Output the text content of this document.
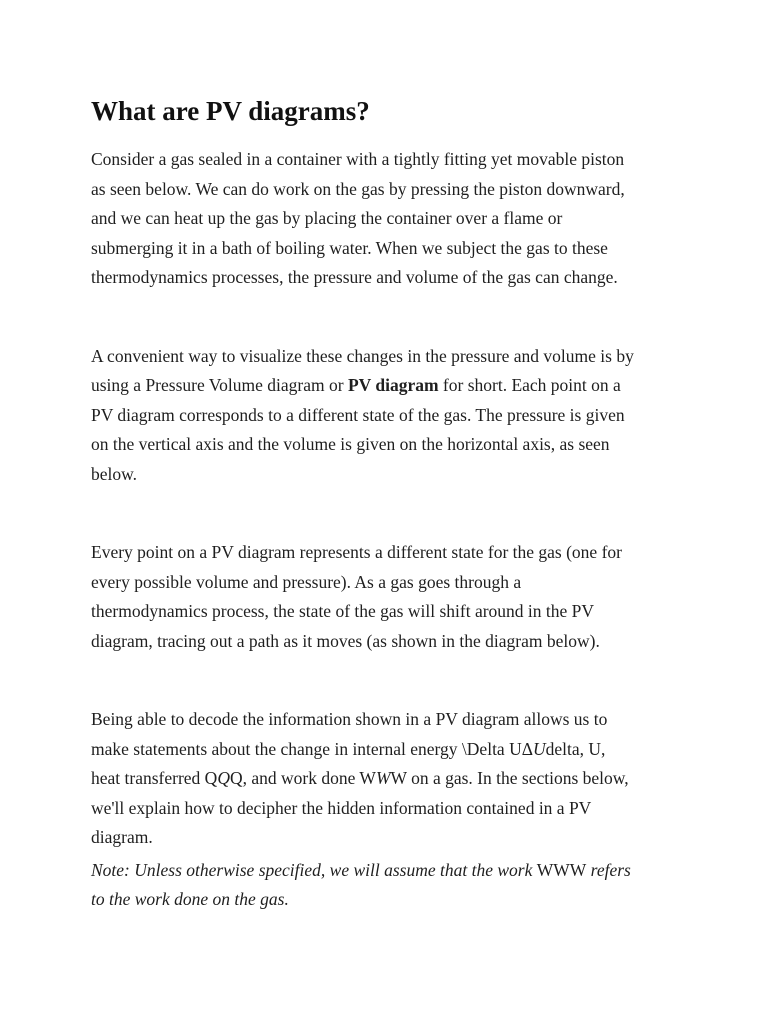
What are PV diagrams?

Consider a gas sealed in a container with a tightly fitting yet movable piston
as seen below. We can do work on the gas by pressing the piston downward,
and we can heat up the gas by placing the container over a flame or
submerging it in a bath of boiling water. When we subject the gas to these
thermodynamics processes, the pressure and volume of the gas can change.

A convenient way to visualize these changes in the pressure and volume is by
using a Pressure Volume diagram or PV diagram for short. Each point on a
PV diagram corresponds to a different state of the gas. The pressure is given
on the vertical axis and the volume is given on the horizontal axis, as seen
below.

Every point on a PV diagram represents a different state for the gas (one for
every possible volume and pressure). As a gas goes through a
thermodynamics process, the state of the gas will shift around in the PV
diagram, tracing out a path as it moves (as shown in the diagram below).

Being able to decode the information shown in a PV diagram allows us to
make statements about the change in internal energy \Delta UΔUdelta, U,
heat transferred QQQ, and work done WWW on a gas. In the sections below,
we'll explain how to decipher the hidden information contained in a PV
diagram.

Note: Unless otherwise specified, we will assume that the work WWW refers
to the work done on the gas.
